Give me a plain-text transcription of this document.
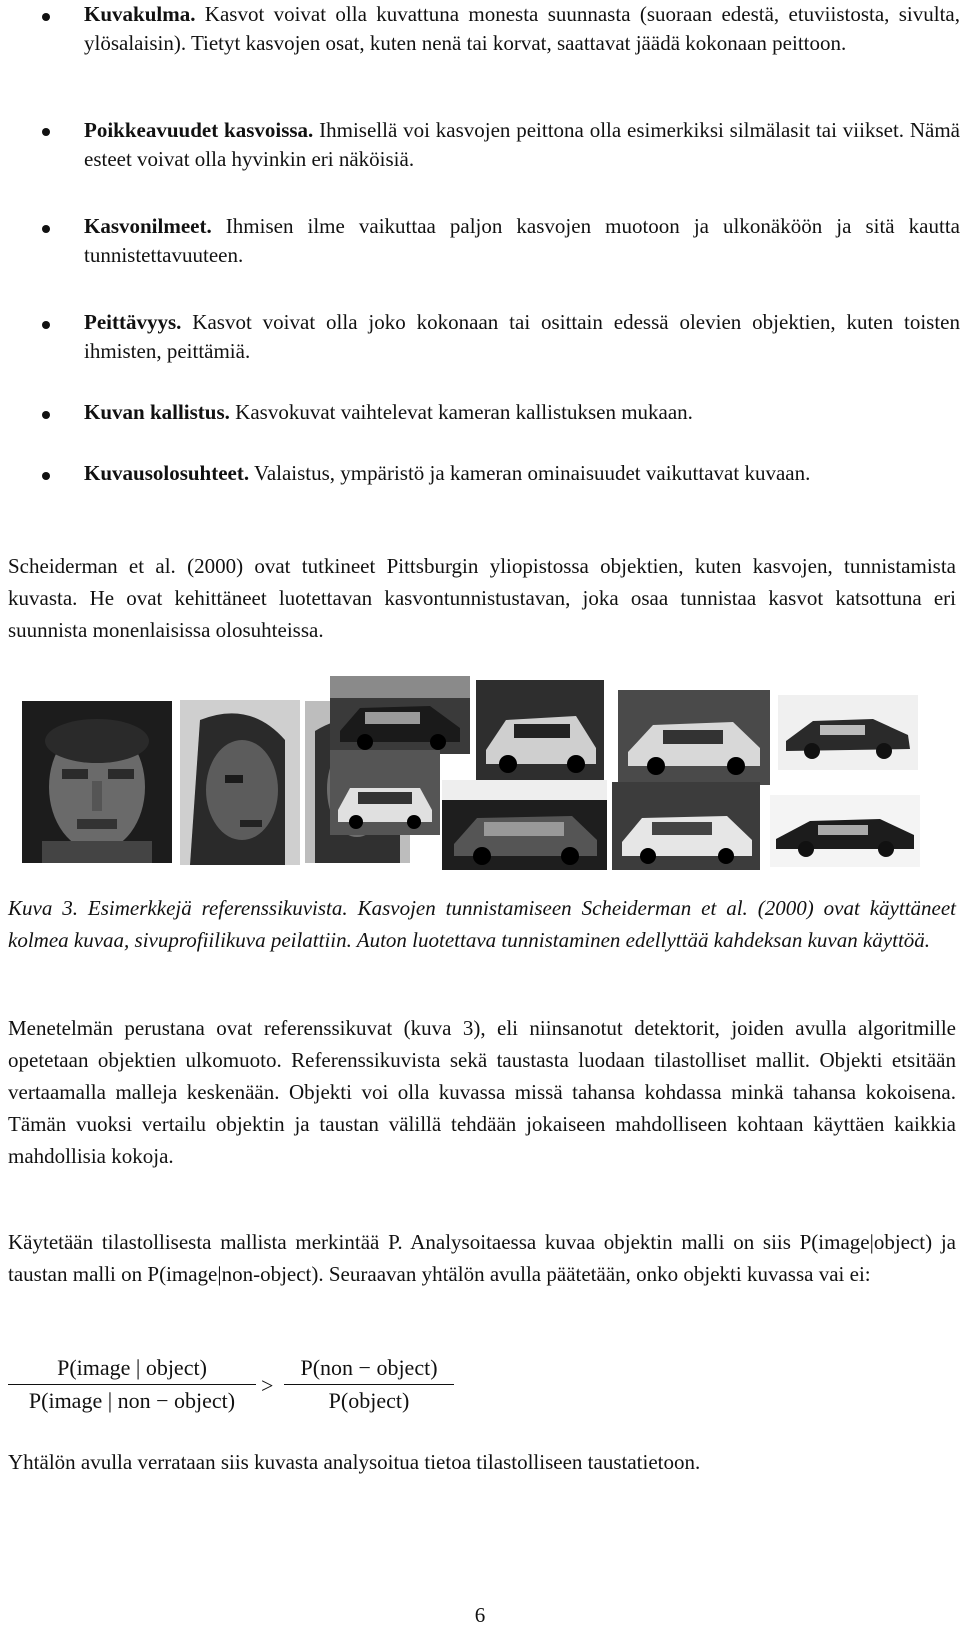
Kuvakulma. Kasvot voivat olla kuvattuna monesta suunnasta (suoraan edestä, etuviistosta, sivulta, ylösalaisin). Tietyt kasvojen osat, kuten nenä tai korvat, saattavat jäädä kokonaan peittoon.
Poikkeavuudet kasvoissa. Ihmisellä voi kasvojen peittona olla esimerkiksi silmälasit tai viikset. Nämä esteet voivat olla hyvinkin eri näköisiä.
Kasvonilmeet. Ihmisen ilme vaikuttaa paljon kasvojen muotoon ja ulkonäköön ja sitä kautta tunnistettavuuteen.
Peittävyys. Kasvot voivat olla joko kokonaan tai osittain edessä olevien objektien, kuten toisten ihmisten, peittämiä.
Kuvan kallistus. Kasvokuvat vaihtelevat kameran kallistuksen mukaan.
Kuvausolosuhteet. Valaistus, ympäristö ja kameran ominaisuudet vaikuttavat kuvaan.
Scheiderman et al. (2000) ovat tutkineet Pittsburgin yliopistossa objektien, kuten kasvojen, tunnistamista kuvasta. He ovat kehittäneet luotettavan kasvontunnistustavan, joka osaa tunnistaa kasvot katsottuna eri suunnista monenlaisissa olosuhteissa.
Kuva 3. Esimerkkejä referenssikuvista. Kasvojen tunnistamiseen Scheiderman et al. (2000) ovat käyttäneet kolmea kuvaa, sivuprofiilikuva peilattiin. Auton luotettava tunnistaminen edellyttää kahdeksan kuvan käyttöä.
Menetelmän perustana ovat referenssikuvat (kuva 3), eli niinsanotut detektorit, joiden avulla algoritmille opetetaan objektien ulkomuoto. Referenssikuvista sekä taustasta luodaan tilastolliset mallit. Objekti etsitään vertaamalla malleja keskenään. Objekti voi olla kuvassa missä tahansa kohdassa minkä tahansa kokoisena. Tämän vuoksi vertailu objektin ja taustan välillä tehdään jokaiseen mahdolliseen kohtaan käyttäen kaikkia mahdollisia kokoja.
Käytetään tilastollisesta mallista merkintää P. Analysoitaessa kuvaa objektin malli on siis P(image|object) ja taustan malli on P(image|non-object). Seuraavan yhtälön avulla päätetään, onko objekti kuvassa vai ei:
P(image | object)
P(image | non − object)
>
P(non − object)
P(object)
Yhtälön avulla verrataan siis kuvasta analysoitua tietoa tilastolliseen taustatietoon.
6
